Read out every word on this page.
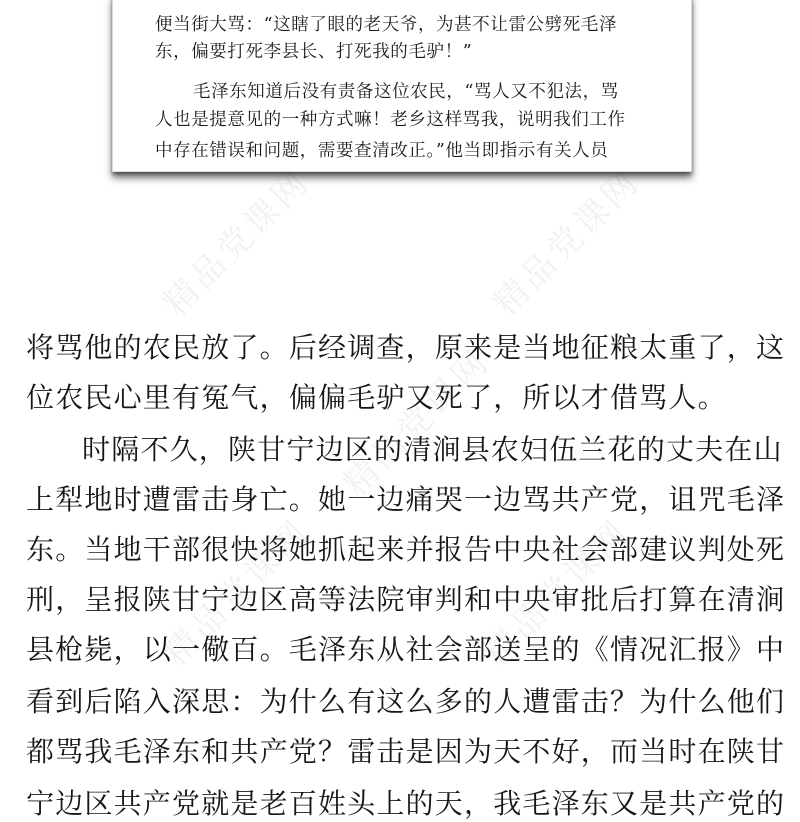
精品党课网	精品党课网
精品党课网
精品党课网	精品党课网
便当街大骂：“这瞎了眼的老天爷，为甚不让雷公劈死毛泽
东，偏要打死李县长、打死我的毛驴！”
毛泽东知道后没有责备这位农民，“骂人又不犯法，骂
人也是提意见的一种方式嘛！老乡这样骂我，说明我们工作
中存在错误和问题，需要查清改正。”他当即指示有关人员
将骂他的农民放了。后经调查，原来是当地征粮太重了，这
位农民心里有冤气，偏偏毛驴又死了，所以才借骂人。
时隔不久，陕甘宁边区的清涧县农妇伍兰花的丈夫在山
上犁地时遭雷击身亡。她一边痛哭一边骂共产党，诅咒毛泽
东。当地干部很快将她抓起来并报告中央社会部建议判处死
刑，呈报陕甘宁边区高等法院审判和中央审批后打算在清涧
县枪毙，以一儆百。毛泽东从社会部送呈的《情况汇报》中
看到后陷入深思：为什么有这么多的人遭雷击？为什么他们
都骂我毛泽东和共产党？雷击是因为天不好，而当时在陕甘
宁边区共产党就是老百姓头上的天，我毛泽东又是共产党的
